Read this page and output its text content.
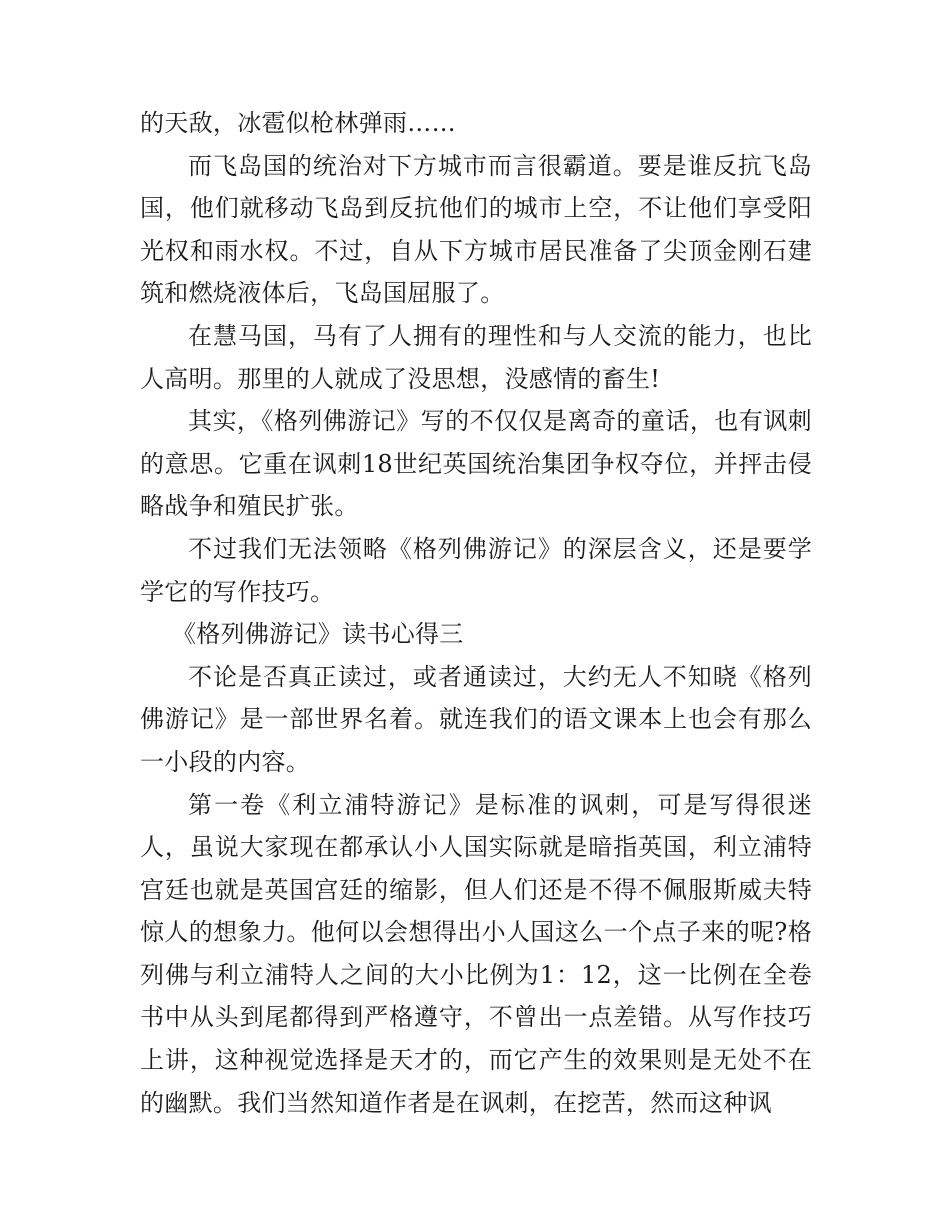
的天敌，冰雹似枪林弹雨……

而飞岛国的统治对下方城市而言很霸道。要是谁反抗飞岛国，他们就移动飞岛到反抗他们的城市上空，不让他们享受阳光权和雨水权。不过，自从下方城市居民准备了尖顶金刚石建筑和燃烧液体后，飞岛国屈服了。

在慧马国，马有了人拥有的理性和与人交流的能力，也比人高明。那里的人就成了没思想，没感情的畜生!

其实，《格列佛游记》写的不仅仅是离奇的童话，也有讽刺的意思。它重在讽刺18世纪英国统治集团争权夺位，并抨击侵略战争和殖民扩张。

不过我们无法领略《格列佛游记》的深层含义，还是要学学它的写作技巧。

《格列佛游记》读书心得三

不论是否真正读过，或者通读过，大约无人不知晓《格列佛游记》是一部世界名着。就连我们的语文课本上也会有那么一小段的内容。

第一卷《利立浦特游记》是标准的讽刺，可是写得很迷人，虽说大家现在都承认小人国实际就是暗指英国，利立浦特宫廷也就是英国宫廷的缩影，但人们还是不得不佩服斯威夫特惊人的想象力。他何以会想得出小人国这么一个点子来的呢?格列佛与利立浦特人之间的大小比例为1：12，这一比例在全卷书中从头到尾都得到严格遵守，不曾出一点差错。从写作技巧上讲，这种视觉选择是天才的，而它产生的效果则是无处不在的幽默。我们当然知道作者是在讽刺，在挖苦，然而这种讽
